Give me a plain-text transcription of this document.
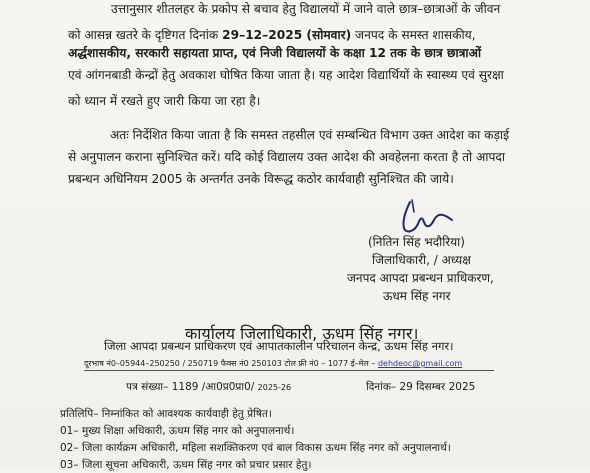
उत्तानुसार शीतलहर के प्रकोप से बचाव हेतु विद्यालयों में जाने वाले छात्र–छात्राओं के जीवन
को आसन्न खतरे के दृष्टिगत दिनांक 29–12–2025 (सोमवार) जनपद के समस्त शासकीय,
अर्द्धशासकीय, सरकारी सहायता प्राप्त, एवं निजी विद्यालयों के कक्षा 12 तक के छात्र छात्राओं
एवं आंगनबाडी केन्द्रों हेतु अवकाश घोषित किया जाता है। यह आदेश विद्यार्थियों के स्वास्थ्य एवं सुरक्षा
को ध्यान में रखते हुए जारी किया जा रहा है।
अतः निर्देशित किया जाता है कि समस्त तहसील एवं सम्बन्धित विभाग उक्त आदेश का कड़ाई
से अनुपालन कराना सुनिश्चित करें। यदि कोई विद्यालय उक्त आदेश की अवहेलना करता है तो आपदा
प्रबन्धन अधिनियम 2005 के अन्तर्गत उनके विरूद्ध कठोर कार्यवाही सुनिश्चित की जाये।
(नितिन सिंह भदौरिया)
जिलाधिकारी, / अध्यक्ष
जनपद आपदा प्रबन्धन प्राधिकरण,
ऊधम सिंह नगर
कार्यालय जिलाधिकारी, ऊधम सिंह नगर।
जिला आपदा प्रबन्धन प्राधिकरण एवं आपातकालीन परिचालन केन्द्र, ऊधम सिंह नगर।
दूरभाष नं0–05944–250250 / 250719 फैक्स नं0 250103 टोल फ्री नं0 – 1077 ई–मेल – dehdeoc@gmail.com
पत्र संख्या– 1189 /आ0प्र0प्रा0/ 2025-26	दिनांक– 29 दिसम्बर 2025
प्रतिलिपि– निम्नांकित को आवश्यक कार्यवाही हेतु प्रेषित।
01– मुख्य शिक्षा अधिकारी, ऊधम सिंह नगर को अनुपालनार्थ।
02– जिला कार्यक्रम अधिकारी, महिला सशक्तिकरण एवं बाल विकास ऊधम सिंह नगर को अनुपालनार्थ।
03– जिला सूचना अधिकारी, ऊधम सिंह नगर को प्रचार प्रसार हेतु।
